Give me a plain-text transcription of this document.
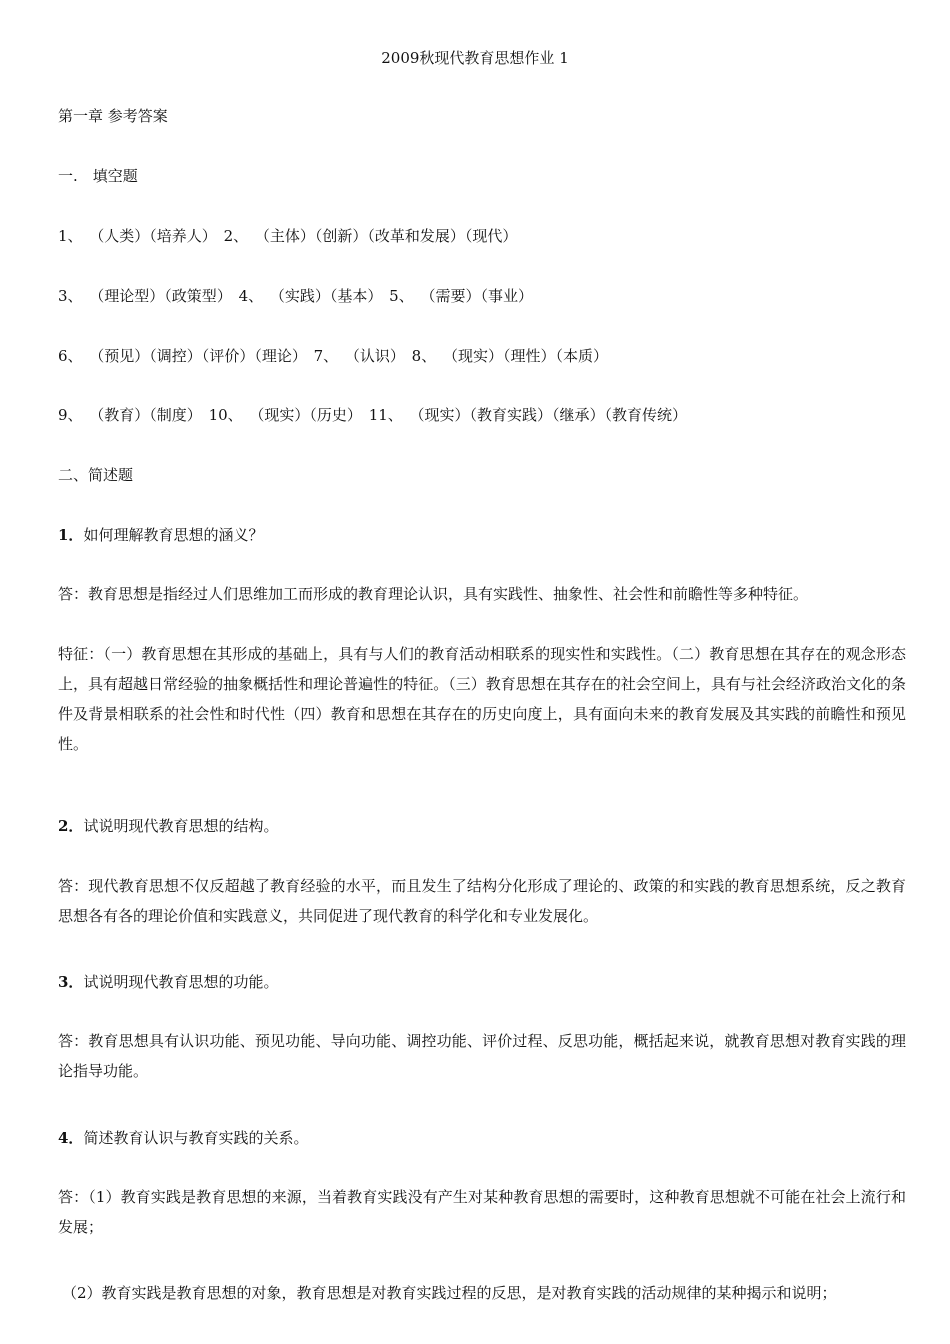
2009秋现代教育思想作业 1
第一章 参考答案
一.　填空题
1、 （人类）（培养人） 2、 （主体）（创新）（改革和发展）（现代）
3、 （理论型）（政策型） 4、 （实践）（基本） 5、 （需要）（事业）
6、 （预见）（调控）（评价）（理论） 7、 （认识） 8、 （现实）（理性）（本质）
9、 （教育）（制度） 10、 （现实）（历史） 11、 （现实）（教育实践）（继承）（教育传统）
二、简述题
1．如何理解教育思想的涵义？
答：教育思想是指经过人们思维加工而形成的教育理论认识，具有实践性、抽象性、社会性和前瞻性等多种特征。
特征：（一）教育思想在其形成的基础上，具有与人们的教育活动相联系的现实性和实践性。（二）教育思想在其存在的观念形态上，具有超越日常经验的抽象概括性和理论普遍性的特征。（三）教育思想在其存在的社会空间上，具有与社会经济政治文化的条件及背景相联系的社会性和时代性（四）教育和思想在其存在的历史向度上，具有面向未来的教育发展及其实践的前瞻性和预见性。
2．试说明现代教育思想的结构。
答：现代教育思想不仅反超越了教育经验的水平，而且发生了结构分化形成了理论的、政策的和实践的教育思想系统，反之教育思想各有各的理论价值和实践意义，共同促进了现代教育的科学化和专业发展化。
3．试说明现代教育思想的功能。
答：教育思想具有认识功能、预见功能、导向功能、调控功能、评价过程、反思功能，概括起来说，就教育思想对教育实践的理论指导功能。
4．简述教育认识与教育实践的关系。
答：（1）教育实践是教育思想的来源，当着教育实践没有产生对某种教育思想的需要时，这种教育思想就不可能在社会上流行和发展；
（2）教育实践是教育思想的对象，教育思想是对教育实践过程的反思，是对教育实践的活动规律的某种揭示和说明；
